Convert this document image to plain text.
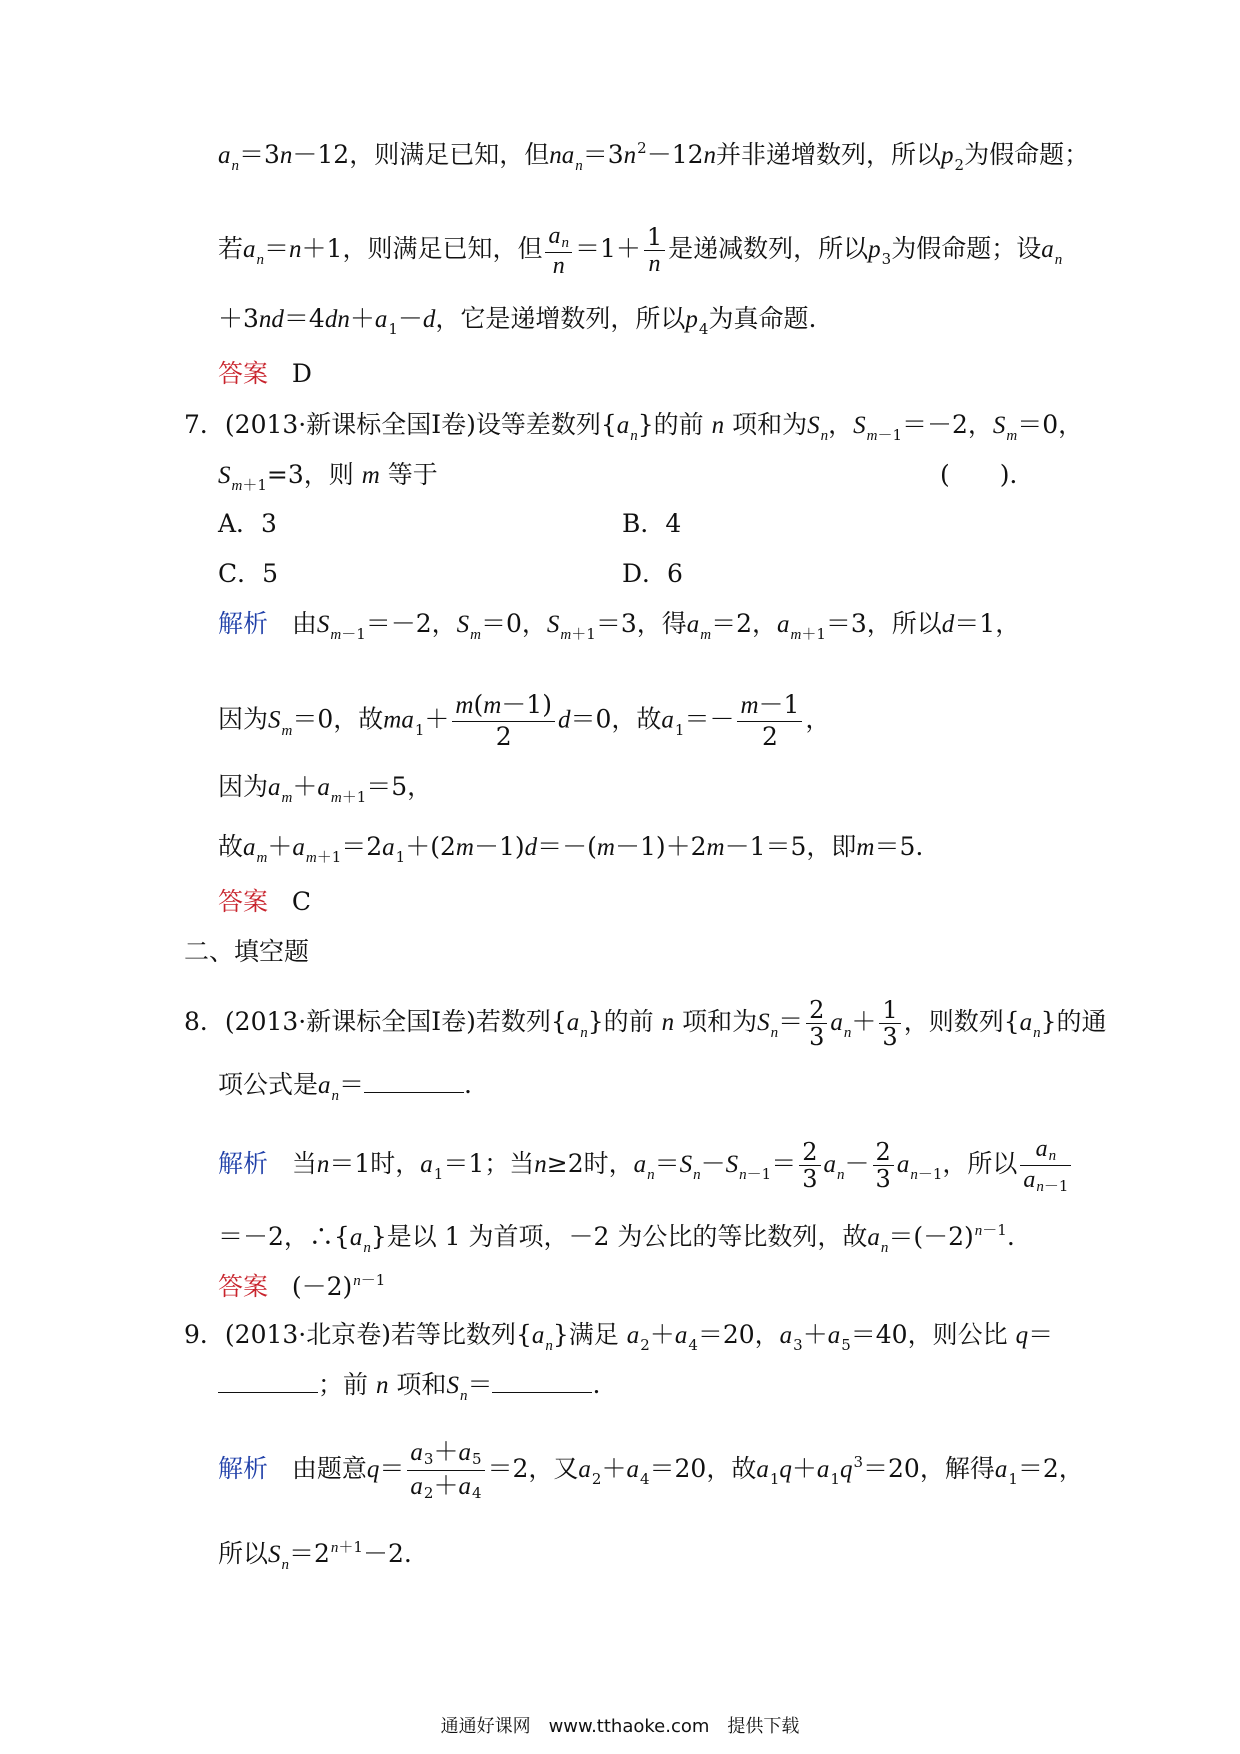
$a_n=3n-12$，则满足已知，但$na_n=3n^2-12n$并非递增数列，所以$p_2$为假命题；
若$a_n=n+1$，则满足已知，但 $\frac{an}{n} =1+ \frac{1}{n}$ 是递减数列，所以$p_3$为假命题；设$a_n$
$+3nd=4dn+a_1-d$，它是递增数列，所以$p_4$为真命题.
答案 D
7．(2013·新课标全国Ⅰ卷)设等差数列$\{a_n\}$的前 n 项和为$S_n$，$S_{m-1}=-2$，$S_m=0$，
$S_{m+1}=3$，则 m 等于	(　　)．
A．3	B．4
C．5	D．6
解析 由$S_{m-1}=-2$，$S_m=0$，$S_{m+1}=3$，得$a_m=2$，$a_{m+1}=3$，所以d＝1，
因为$S_m=0$，故$ma_1+ \frac{m(m-1)}{2} d=0$，故$a_1=- \frac{m-1}{2}$ ，
因为$a_m+a_{m+1}=5$，
故$a_m+a_{m+1}=2a_1+(2m-1)d=-(m-1)+2m-1=5$，即m＝5.
答案 C
二、填空题
8．(2013·新课标全国Ⅰ卷)若数列$\{a_n\}$的前 n 项和为$S_n= \frac{2}{3} a_n+ \frac{1}{3}$ ，则数列$\{a_n\}$的通
项公式是$a_n=$	.
解析 当n＝1时，$a_1=1$；当n≥2时，$a_n=S_n-S_{n-1}= \frac{2}{3} a_n- \frac{2}{3} a_{n-1}$，所以 $\frac{an}{an-1}$
＝－2，$\therefore\{a_n\}$是以 1 为首项，－2 为公比的等比数列，故$a_n=(-2)^{n-1}$.
答案 $(-2)^{n-1}$
9．(2013·北京卷)若等比数列$\{a_n\}$满足 $a_2+a_4=20$，$a_3+a_5=40$，则公比 q＝
；前 n 项和$S_n=$	.
解析 由题意$q= \frac{a3+a5}{a2+a4} =2$，又$a_2+a_4=20$，故$a_1q+a_1q^3=20$，解得$a_1=2$，
所以$S_n=2^{n+1}-2$.
通通好课网　www.tthaoke.com　提供下载
